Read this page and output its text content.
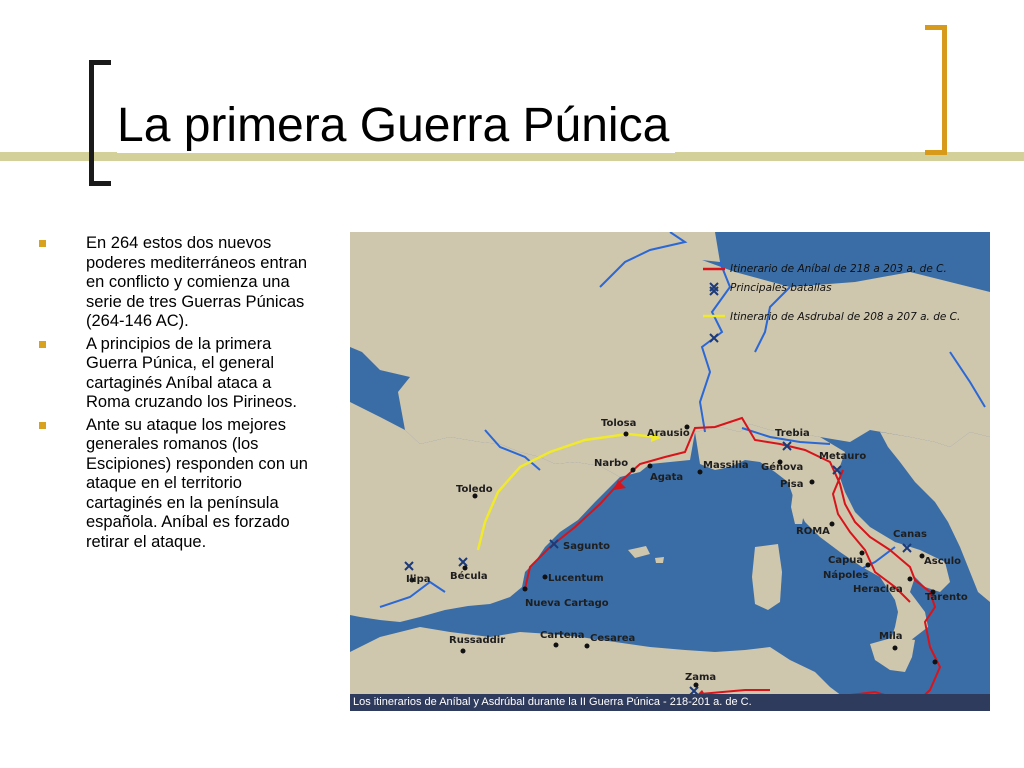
La primera Guerra Púnica
En 264 estos dos nuevos poderes mediterráneos entran en conflicto y comienza una serie de tres Guerras Púnicas (264-146 AC).
A principios de la primera Guerra Púnica, el general cartaginés Aníbal ataca a Roma cruzando los Pirineos.
Ante su ataque los mejores generales romanos (los Escipiones) responden con un ataque en el territorio cartaginés en la península española. Aníbal es forzado retirar el ataque.
Itinerario de Aníbal de 218 a 203 a. de C.
Principales batallas
Itinerario de Asdrubal de 208 a 207 a. de C.
Tolosa
Arausio
Narbo
Agata
Massilia
Toledo
Sagunto
Lucentum
Nueva Cartago
Ilipa Bécula
Trebia
Génova
Metauro
Pisa
ROMA	Canas
Capua
Nápoles
Asculo
Heraclea
Tarento
Mila
Russaddir	Cartena Cesarea
Zama
Los itinerarios de Aníbal y Asdrúbal durante la II Guerra Púnica - 218-201 a. de C.
